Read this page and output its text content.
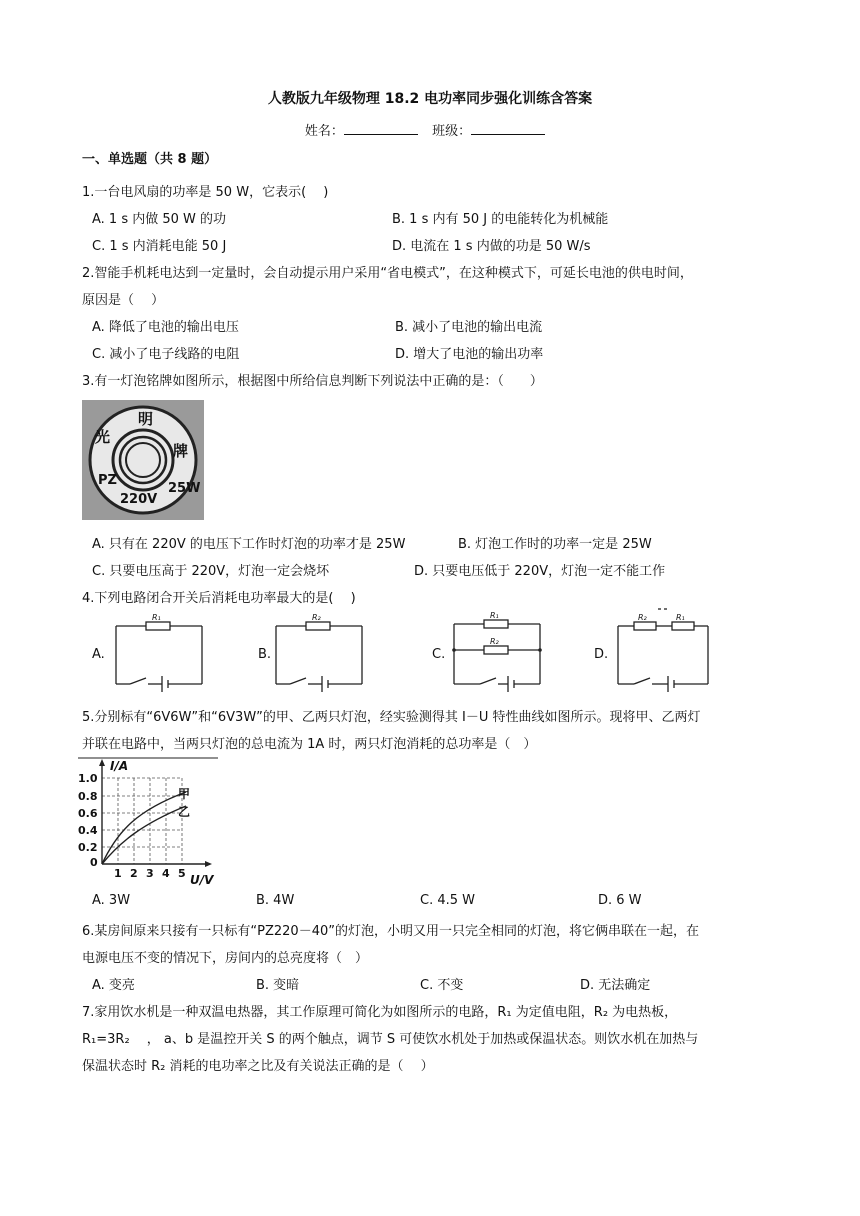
人教版九年级物理 18.2 电功率同步强化训练含答案
姓名：	班级：
一、单选题（共 8 题）
1.一台电风扇的功率是 50 W，它表示(　 )
A. 1 s 内做 50 W 的功	B. 1 s 内有 50 J 的电能转化为机械能
C. 1 s 内消耗电能 50 J	D. 电流在 1 s 内做的功是 50 W/s
2.智能手机耗电达到一定量时，会自动提示用户采用“省电模式”，在这种模式下，可延长电池的供电时间，
原因是（　 ）
A. 降低了电池的输出电压	B. 减小了电池的输出电流
C. 减小了电子线路的电阻	D. 增大了电池的输出功率
3.有一灯泡铭牌如图所示，根据图中所给信息判断下列说法中正确的是：（　　）
明
牌
光
PZ
220V
25W
A. 只有在 220V 的电压下工作时灯泡的功率才是 25W	B. 灯泡工作时的功率一定是 25W
C. 只要电压高于 220V，灯泡一定会烧坏	D. 只要电压低于 220V，灯泡一定不能工作
4.下列电路闭合开关后消耗电功率最大的是(　 )
A.
R₁
B.
R₂
C.
R₁
R₂
D.
R₂	R₁
5.分别标有“6V6W”和“6V3W”的甲、乙两只灯泡，经实验测得其 I－U 特性曲线如图所示。现将甲、乙两灯
并联在电路中，当两只灯泡的总电流为 1A 时，两只灯泡消耗的总功率是（　）
I/A
1.0
0.8
0.6
0.4
0.2
0
1 2 3 4 5 U/V
甲
乙
A. 3W	B. 4W	C. 4.5 W	D. 6 W
6.某房间原来只接有一只标有“PZ220－40”的灯泡，小明又用一只完全相同的灯泡，将它俩串联在一起，在
电源电压不变的情况下，房间内的总亮度将（　）
A. 变亮	B. 变暗	C. 不变	D. 无法确定
7.家用饮水机是一种双温电热器，其工作原理可简化为如图所示的电路，R₁ 为定值电阻，R₂ 为电热板，
R₁=3R₂　 ， a、b 是温控开关 S 的两个触点，调节 S 可使饮水机处于加热或保温状态。则饮水机在加热与
保温状态时 R₂ 消耗的电功率之比及有关说法正确的是（　 ）
